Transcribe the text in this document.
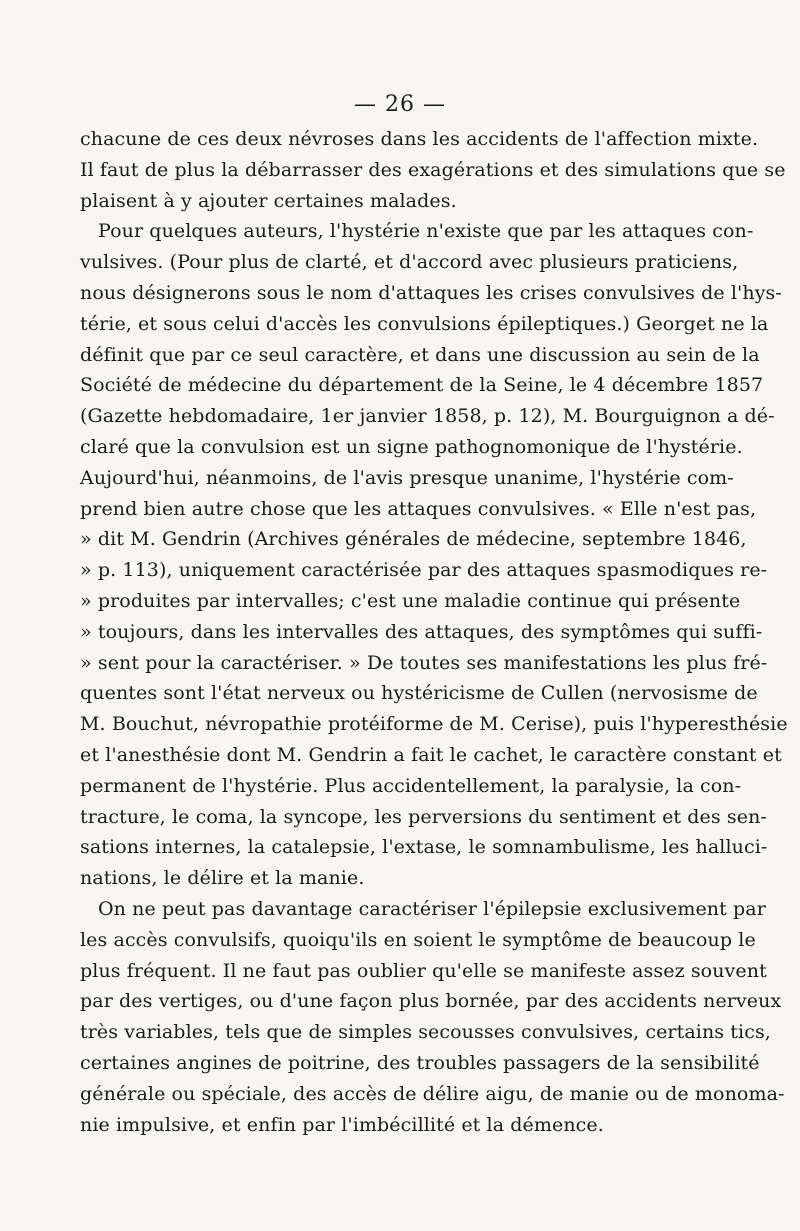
— 26 —
chacune de ces deux névroses dans les accidents de l'affection mixte.
Il faut de plus la débarrasser des exagérations et des simulations que se
plaisent à y ajouter certaines malades.
Pour quelques auteurs, l'hystérie n'existe que par les attaques con-
vulsives. (Pour plus de clarté, et d'accord avec plusieurs praticiens,
nous désignerons sous le nom d'attaques les crises convulsives de l'hys-
térie, et sous celui d'accès les convulsions épileptiques.) Georget ne la
définit que par ce seul caractère, et dans une discussion au sein de la
Société de médecine du département de la Seine, le 4 décembre 1857
(Gazette hebdomadaire, 1er janvier 1858, p. 12), M. Bourguignon a dé-
claré que la convulsion est un signe pathognomonique de l'hystérie.
Aujourd'hui, néanmoins, de l'avis presque unanime, l'hystérie com-
prend bien autre chose que les attaques convulsives. « Elle n'est pas,
» dit M. Gendrin (Archives générales de médecine, septembre 1846,
» p. 113), uniquement caractérisée par des attaques spasmodiques re-
» produites par intervalles; c'est une maladie continue qui présente
» toujours, dans les intervalles des attaques, des symptômes qui suffi-
» sent pour la caractériser. » De toutes ses manifestations les plus fré-
quentes sont l'état nerveux ou hystéricisme de Cullen (nervosisme de
M. Bouchut, névropathie protéiforme de M. Cerise), puis l'hyperesthésie
et l'anesthésie dont M. Gendrin a fait le cachet, le caractère constant et
permanent de l'hystérie. Plus accidentellement, la paralysie, la con-
tracture, le coma, la syncope, les perversions du sentiment et des sen-
sations internes, la catalepsie, l'extase, le somnambulisme, les halluci-
nations, le délire et la manie.
On ne peut pas davantage caractériser l'épilepsie exclusivement par
les accès convulsifs, quoiqu'ils en soient le symptôme de beaucoup le
plus fréquent. Il ne faut pas oublier qu'elle se manifeste assez souvent
par des vertiges, ou d'une façon plus bornée, par des accidents nerveux
très variables, tels que de simples secousses convulsives, certains tics,
certaines angines de poitrine, des troubles passagers de la sensibilité
générale ou spéciale, des accès de délire aigu, de manie ou de monoma-
nie impulsive, et enfin par l'imbécillité et la démence.
